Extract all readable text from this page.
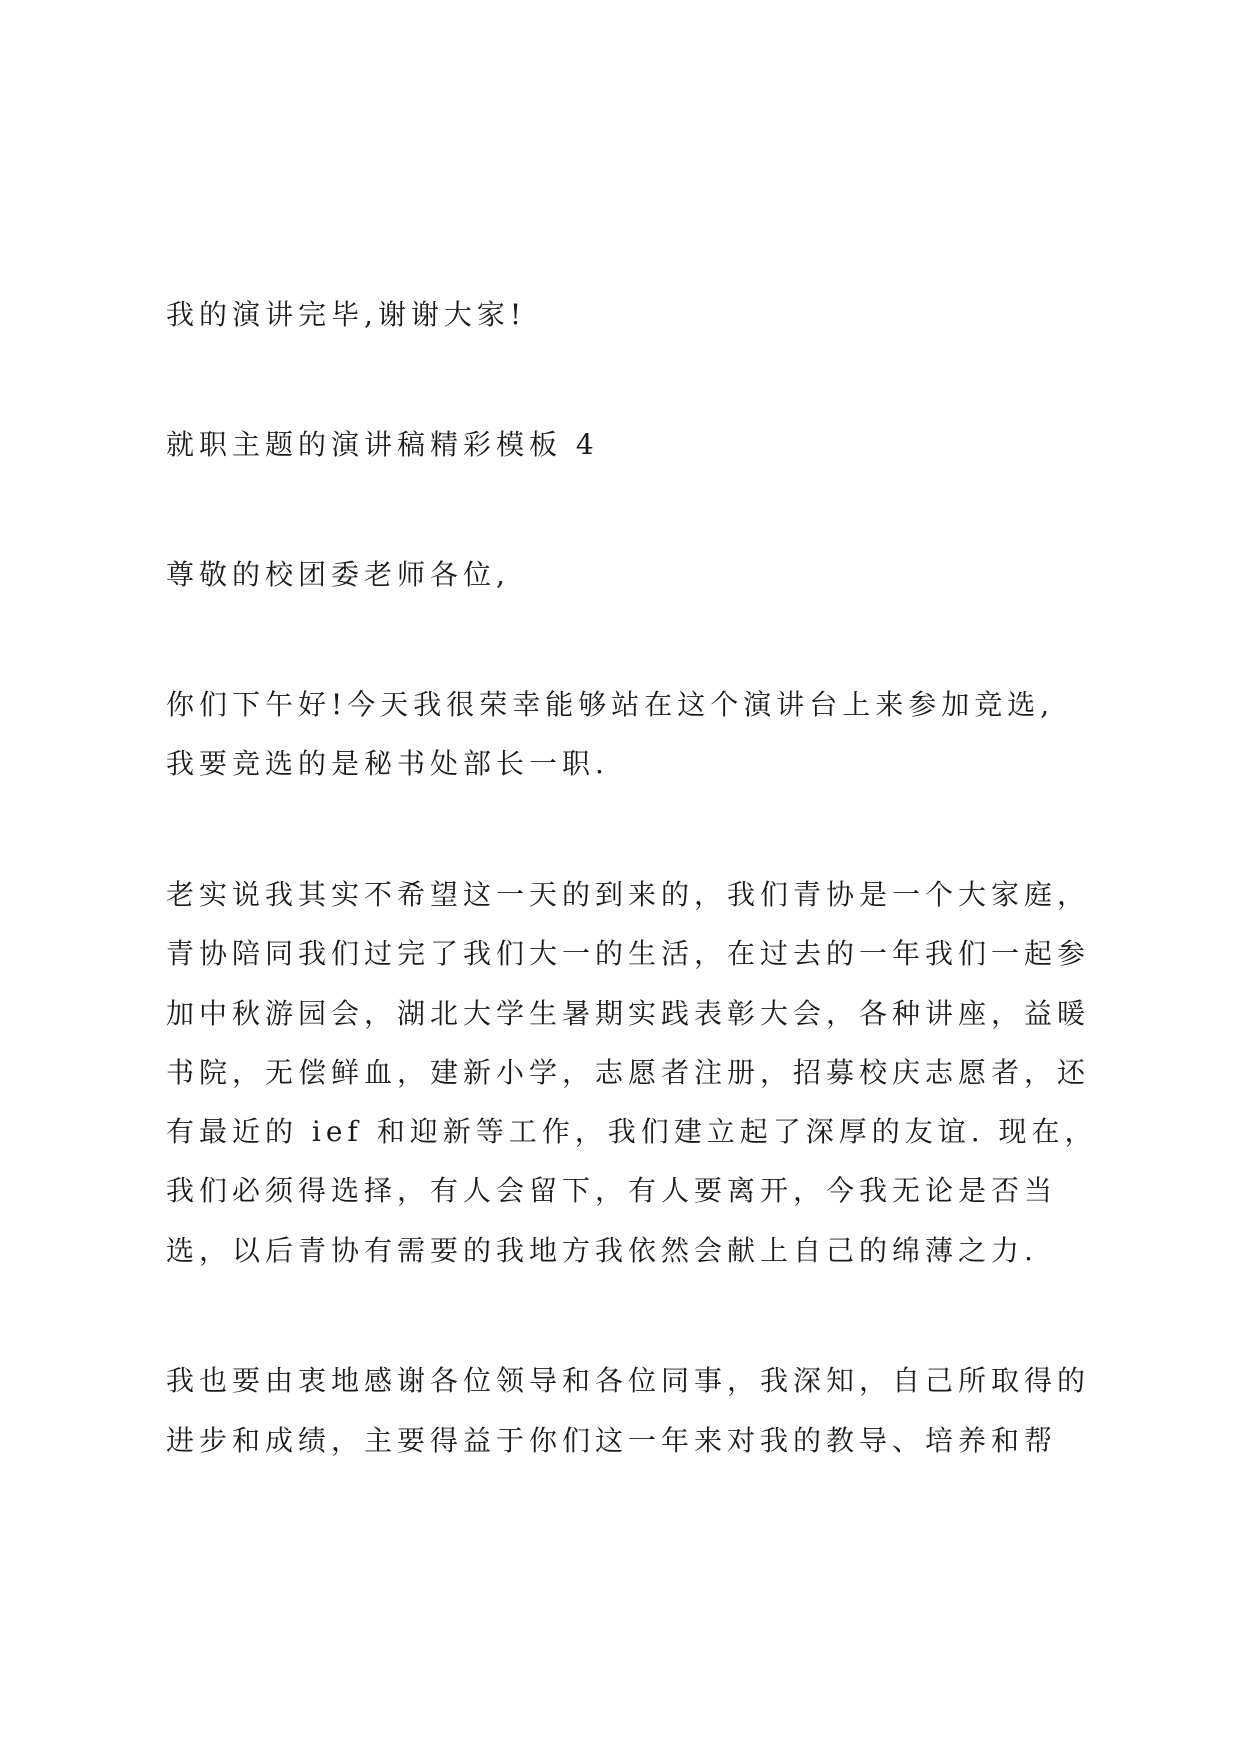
我的演讲完毕,谢谢大家!
就职主题的演讲稿精彩模板 4
尊敬的校团委老师各位,
你们下午好!今天我很荣幸能够站在这个演讲台上来参加竞选,
我要竞选的是秘书处部长一职.
老实说我其实不希望这一天的到来的，我们青协是一个大家庭，
青协陪同我们过完了我们大一的生活，在过去的一年我们一起参
加中秋游园会，湖北大学生暑期实践表彰大会，各种讲座，益暖
书院，无偿鲜血，建新小学，志愿者注册，招募校庆志愿者，还
有最近的 ief 和迎新等工作，我们建立起了深厚的友谊. 现在，
我们必须得选择，有人会留下，有人要离开，今我无论是否当
选，以后青协有需要的我地方我依然会献上自己的绵薄之力.
我也要由衷地感谢各位领导和各位同事，我深知，自己所取得的
进步和成绩，主要得益于你们这一年来对我的教导、培养和帮
